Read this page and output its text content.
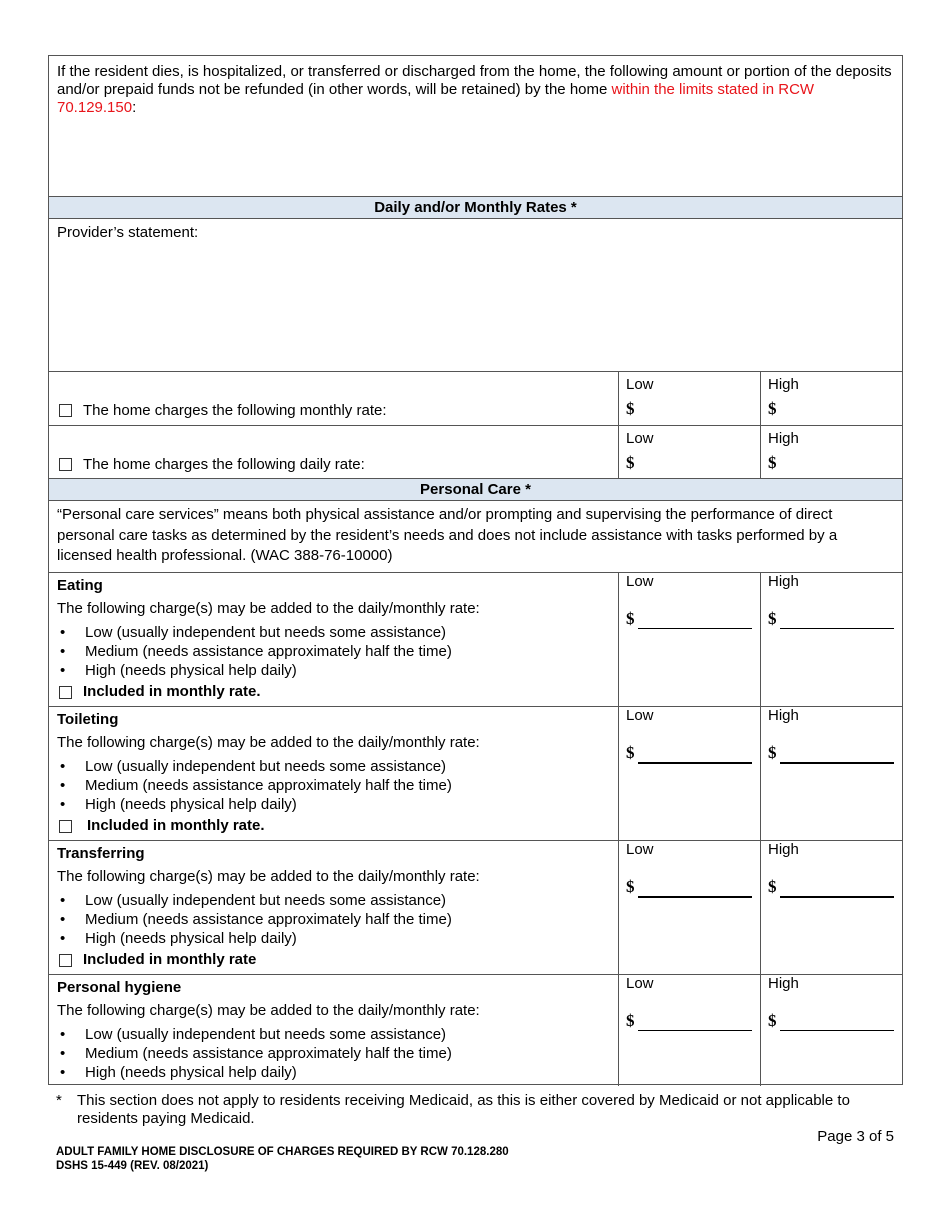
If the resident dies, is hospitalized, or transferred or discharged from the home, the following amount or portion of the deposits and/or prepaid funds not be refunded (in other words, will be retained) by the home within the limits stated in RCW 70.129.150:
Daily and/or Monthly Rates *
Provider’s statement:
The home charges the following monthly rate:
Low
$
High
$
The home charges the following daily rate:
Low
$
High
$
Personal Care *
“Personal care services” means both physical assistance and/or prompting and supervising the performance of direct personal care tasks as determined by the resident’s needs and does not include assistance with tasks performed by a licensed health professional. (WAC 388-76-10000)
Eating
The following charge(s) may be added to the daily/monthly rate:
• Low (usually independent but needs some assistance)
• Medium (needs assistance approximately half the time)
• High (needs physical help daily)
Included in monthly rate.
Low
$
High
$
Toileting
The following charge(s) may be added to the daily/monthly rate:
• Low (usually independent but needs some assistance)
• Medium (needs assistance approximately half the time)
• High (needs physical help daily)
Included in monthly rate.
Low
$
High
$
Transferring
The following charge(s) may be added to the daily/monthly rate:
• Low (usually independent but needs some assistance)
• Medium (needs assistance approximately half the time)
• High (needs physical help daily)
Included in monthly rate
Low
$
High
$
Personal hygiene
The following charge(s) may be added to the daily/monthly rate:
• Low (usually independent but needs some assistance)
• Medium (needs assistance approximately half the time)
• High (needs physical help daily)
Low
$
High
$
* This section does not apply to residents receiving Medicaid, as this is either covered by Medicaid or not applicable to residents paying Medicaid.
Page 3 of 5
ADULT FAMILY HOME DISCLOSURE OF CHARGES REQUIRED BY RCW 70.128.280
DSHS 15-449 (REV. 08/2021)
